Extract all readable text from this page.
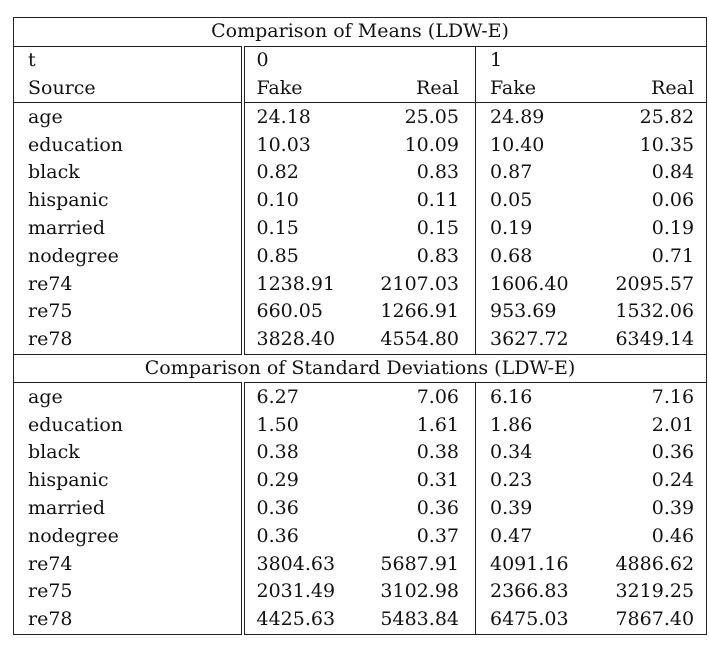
Comparison of Means (LDW-E)				
t	0		1	
Source	Fake	Real	Fake	Real
age	24.18	25.05	24.89	25.82
education	10.03	10.09	10.40	10.35
black	0.82	0.83	0.87	0.84
hispanic	0.10	0.11	0.05	0.06
married	0.15	0.15	0.19	0.19
nodegree	0.85	0.83	0.68	0.71
re74	1238.91	2107.03	1606.40	2095.57
re75	660.05	1266.91	953.69	1532.06
re78	3828.40	4554.80	3627.72	6349.14
Comparison of Standard Deviations (LDW-E)				
age	6.27	7.06	6.16	7.16
education	1.50	1.61	1.86	2.01
black	0.38	0.38	0.34	0.36
hispanic	0.29	0.31	0.23	0.24
married	0.36	0.36	0.39	0.39
nodegree	0.36	0.37	0.47	0.46
re74	3804.63	5687.91	4091.16	4886.62
re75	2031.49	3102.98	2366.83	3219.25
re78	4425.63	5483.84	6475.03	7867.40
